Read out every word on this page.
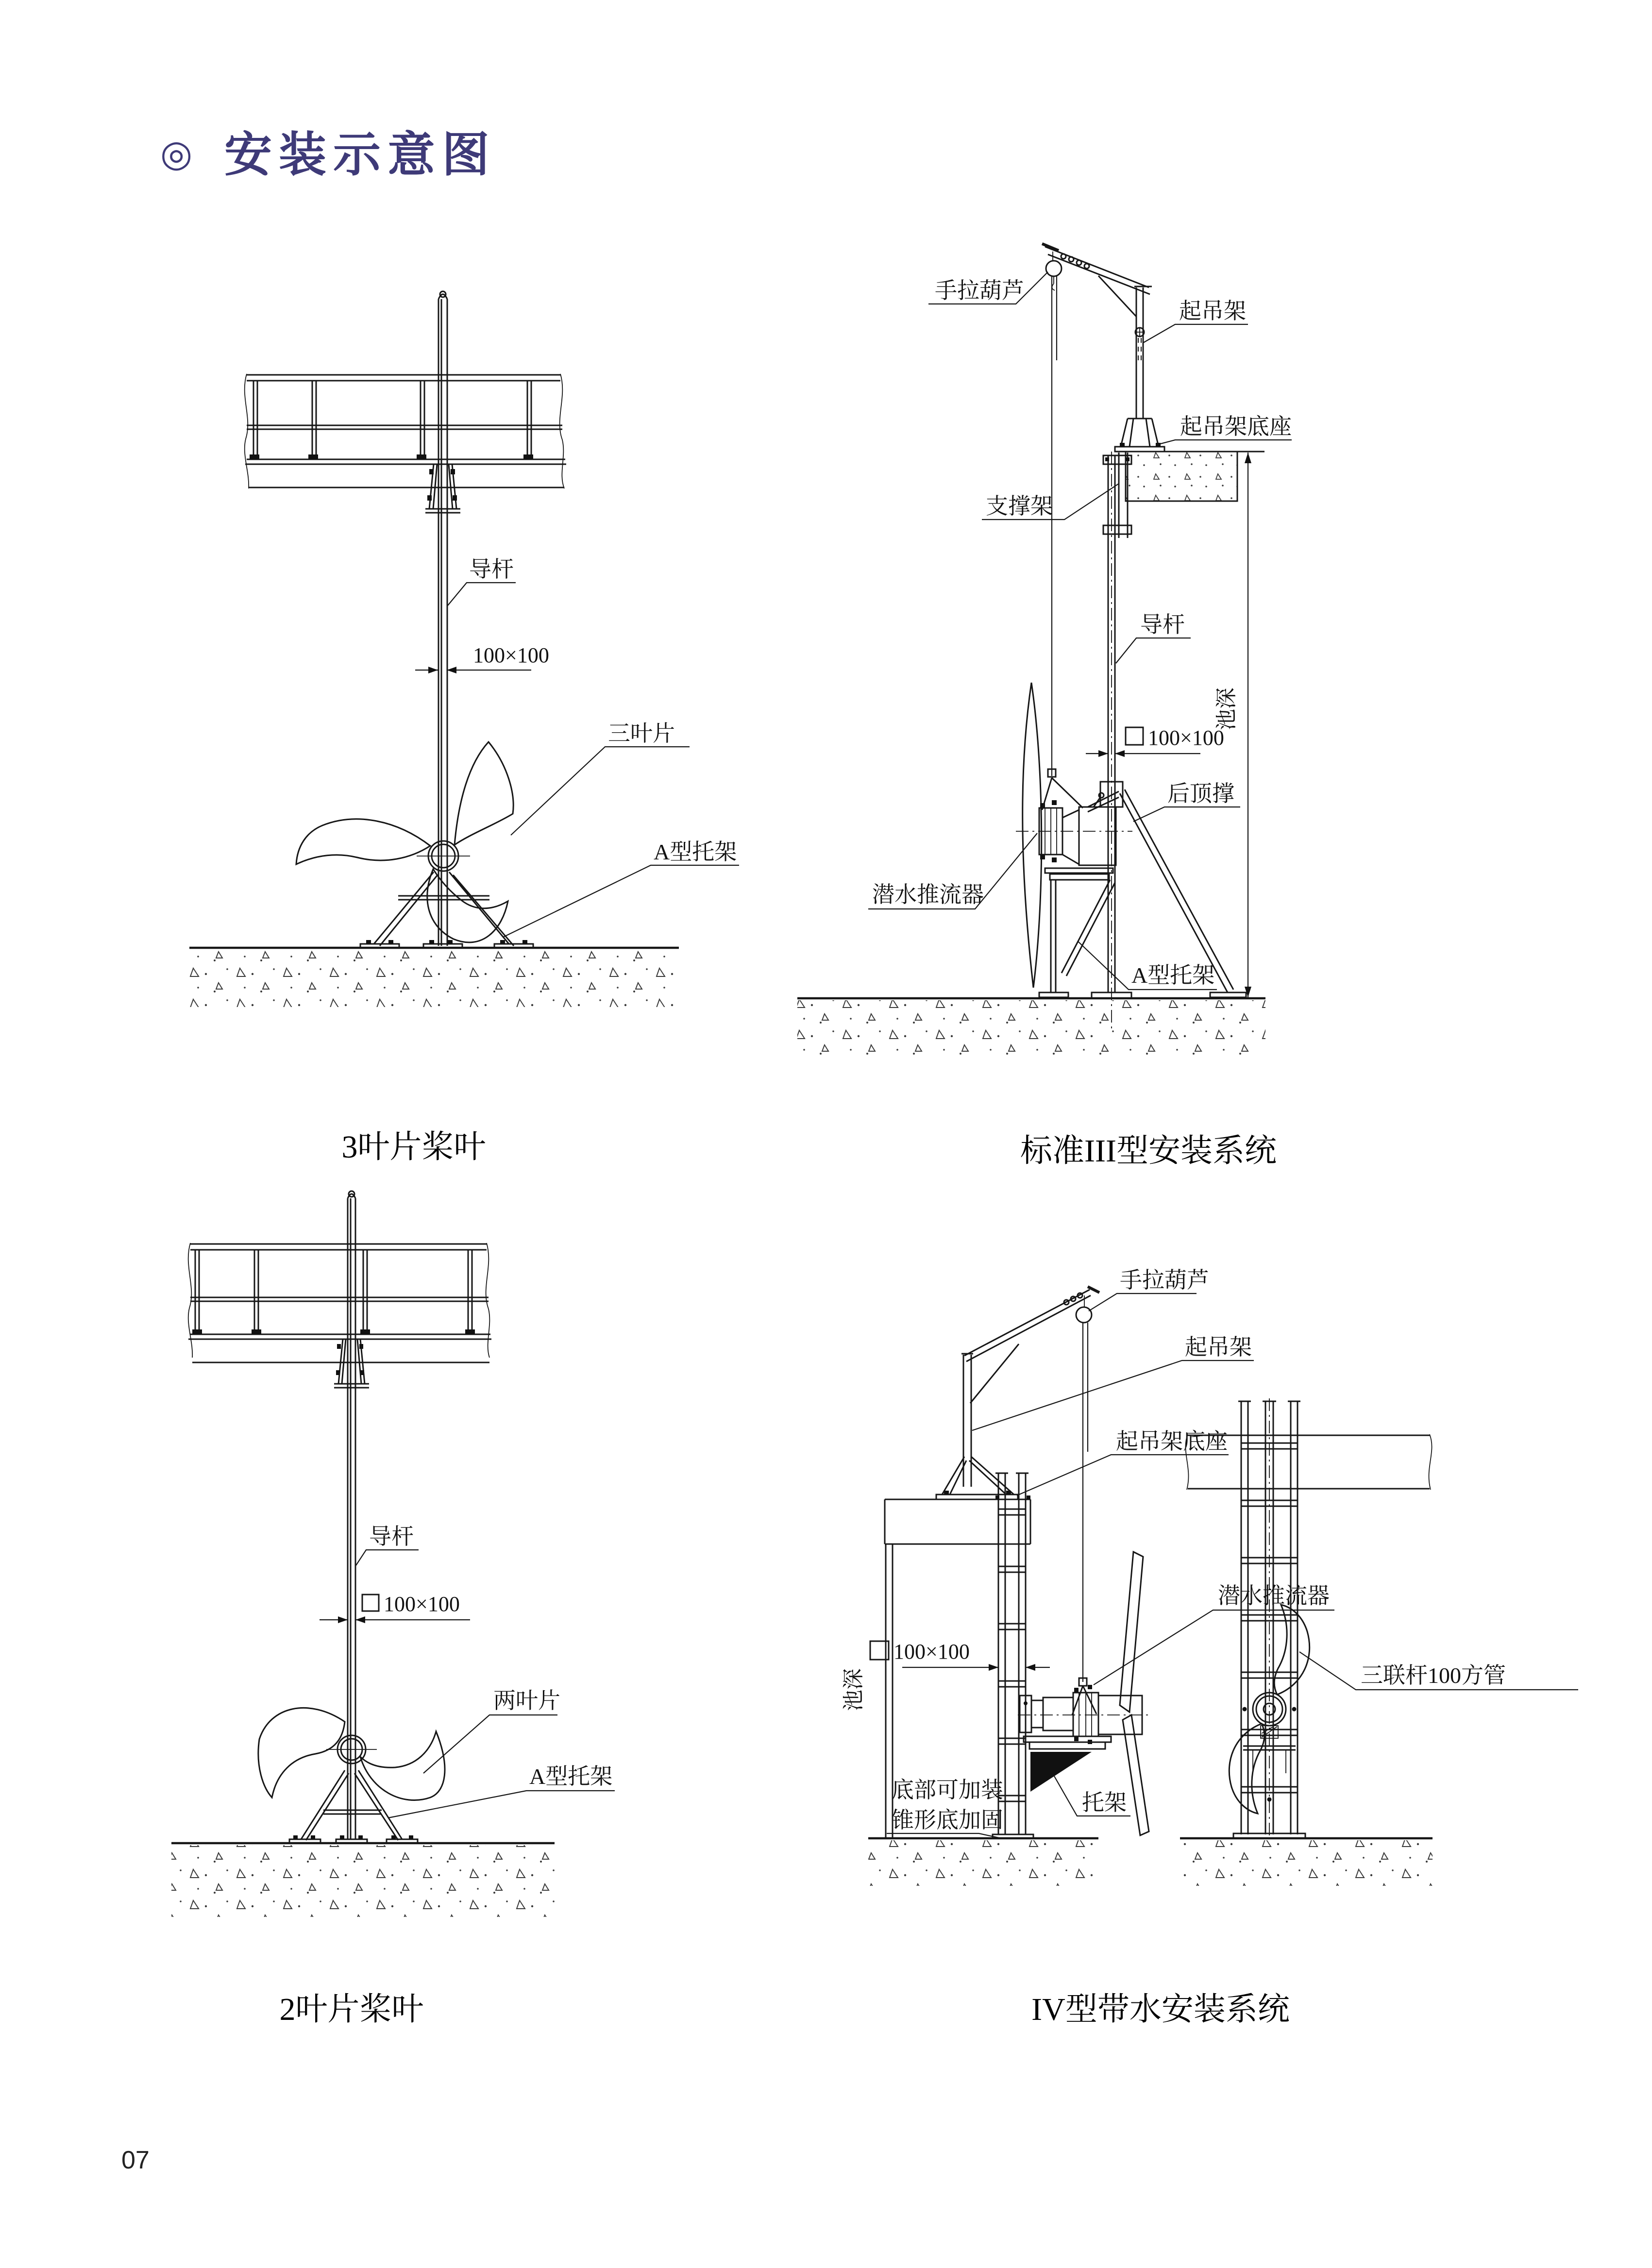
◎ 安装示意图
导杆
100×100
三叶片
A型托架
3叶片桨叶
池深
手拉葫芦
起吊架
起吊架底座
支撑架
导杆
100×100
后顶撑
潜水推流器
A型托架
标准III型安装系统
导杆
100×100
两叶片
A型托架
2叶片桨叶
手拉葫芦
起吊架
起吊架底座
潜水推流器
100×100
池深
底部可加装
锥形底加固
托架
三联杆100方管
IV型带水安装系统
07
